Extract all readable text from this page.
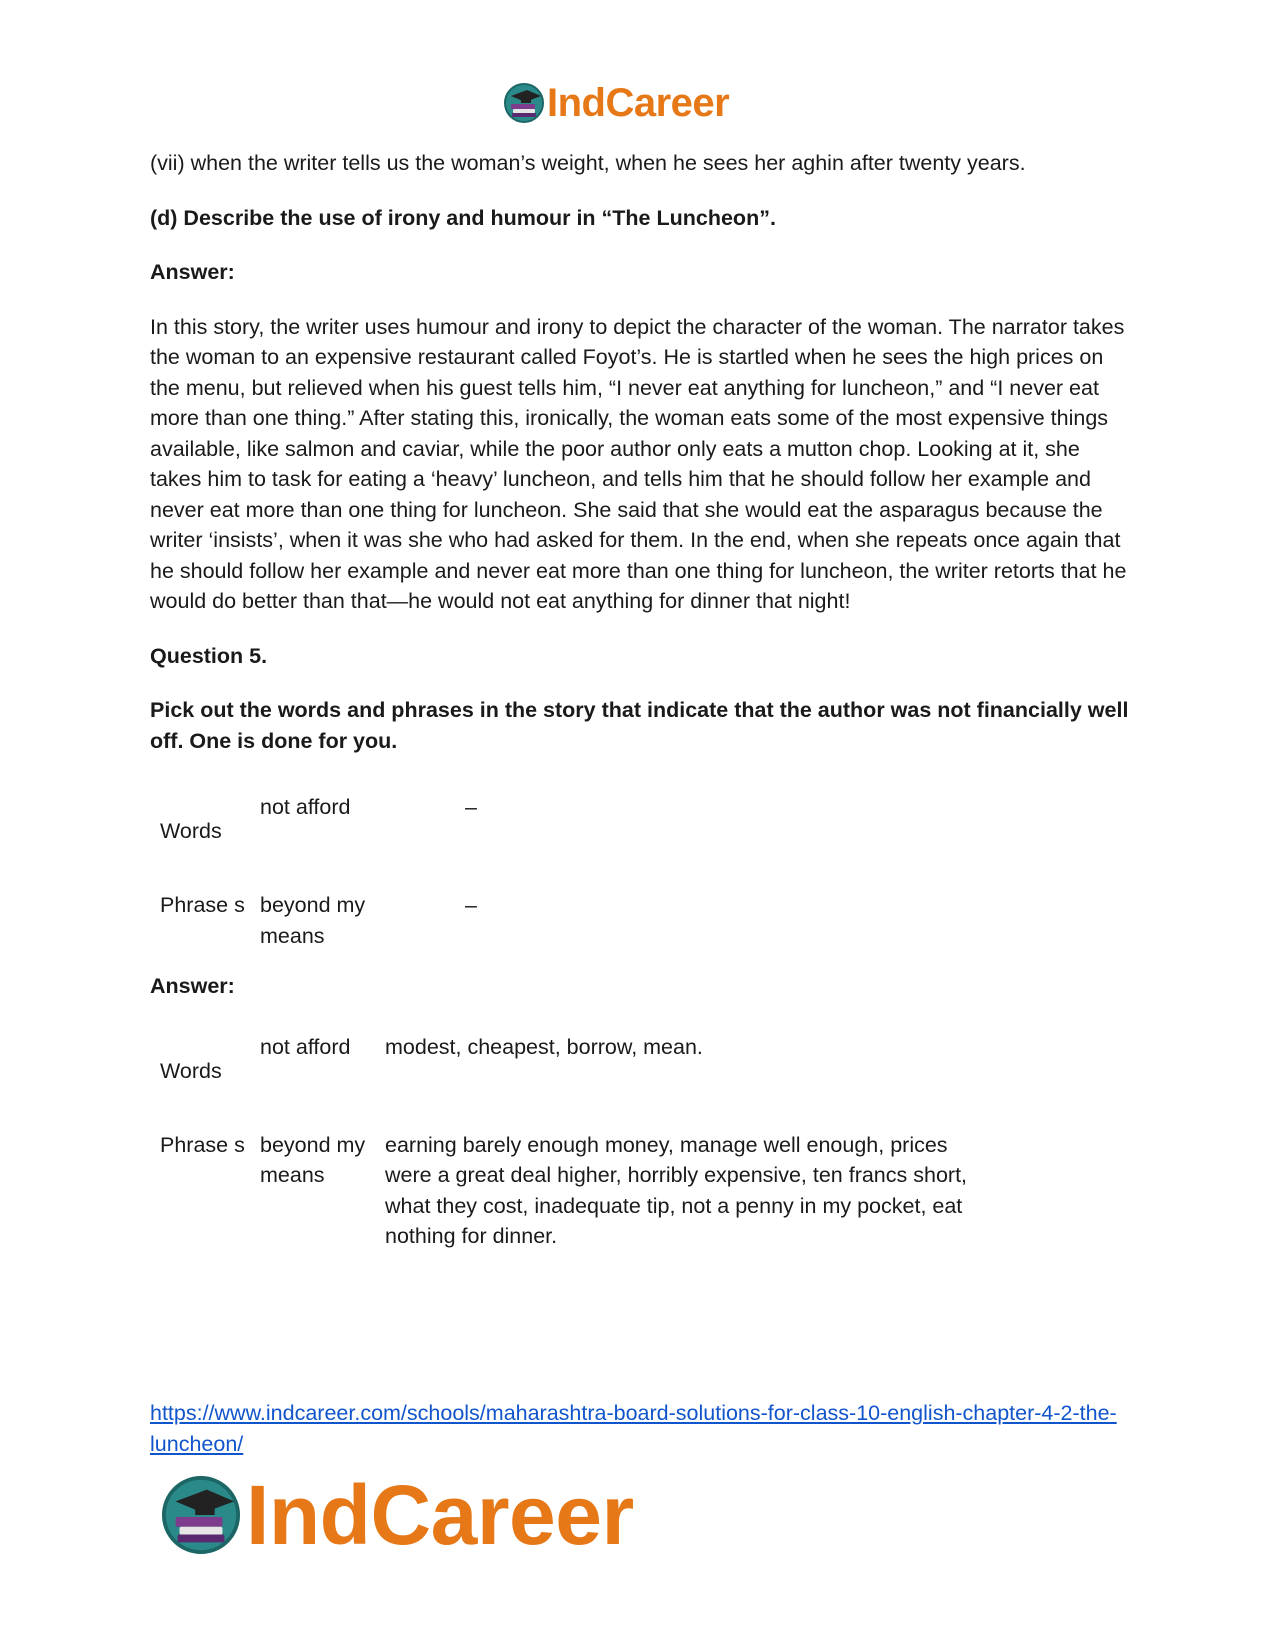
IndCareer

(vii) when the writer tells us the woman’s weight, when he sees her aghin after twenty years.

(d) Describe the use of irony and humour in “The Luncheon”.

Answer:

In this story, the writer uses humour and irony to depict the character of the woman. The narrator takes the woman to an expensive restaurant called Foyot’s. He is startled when he sees the high prices on the menu, but relieved when his guest tells him, “I never eat anything for luncheon,” and “I never eat more than one thing.” After stating this, ironically, the woman eats some of the most expensive things available, like salmon and caviar, while the poor author only eats a mutton chop. Looking at it, she takes him to task for eating a ‘heavy’ luncheon, and tells him that he should follow her example and never eat more than one thing for luncheon. She said that she would eat the asparagus because the writer ‘insists’, when it was she who had asked for them. In the end, when she repeats once again that he should follow her example and never eat more than one thing for luncheon, the writer retorts that he would do better than that—he would not eat anything for dinner that night!

Question 5.

Pick out the words and phrases in the story that indicate that the author was not financially well off. One is done for you.

Words	not afford	–
Phrase s	beyond my means	–

Answer:

Words	not afford	modest, cheapest, borrow, mean.
Phrase s	beyond my means	earning barely enough money, manage well enough, prices were a great deal higher, horribly expensive, ten francs short, what they cost, inadequate tip, not a penny in my pocket, eat nothing for dinner.
https://www.indcareer.com/schools/maharashtra-board-solutions-for-class-10-english-chapter-4-2-the-luncheon/
IndCareer
